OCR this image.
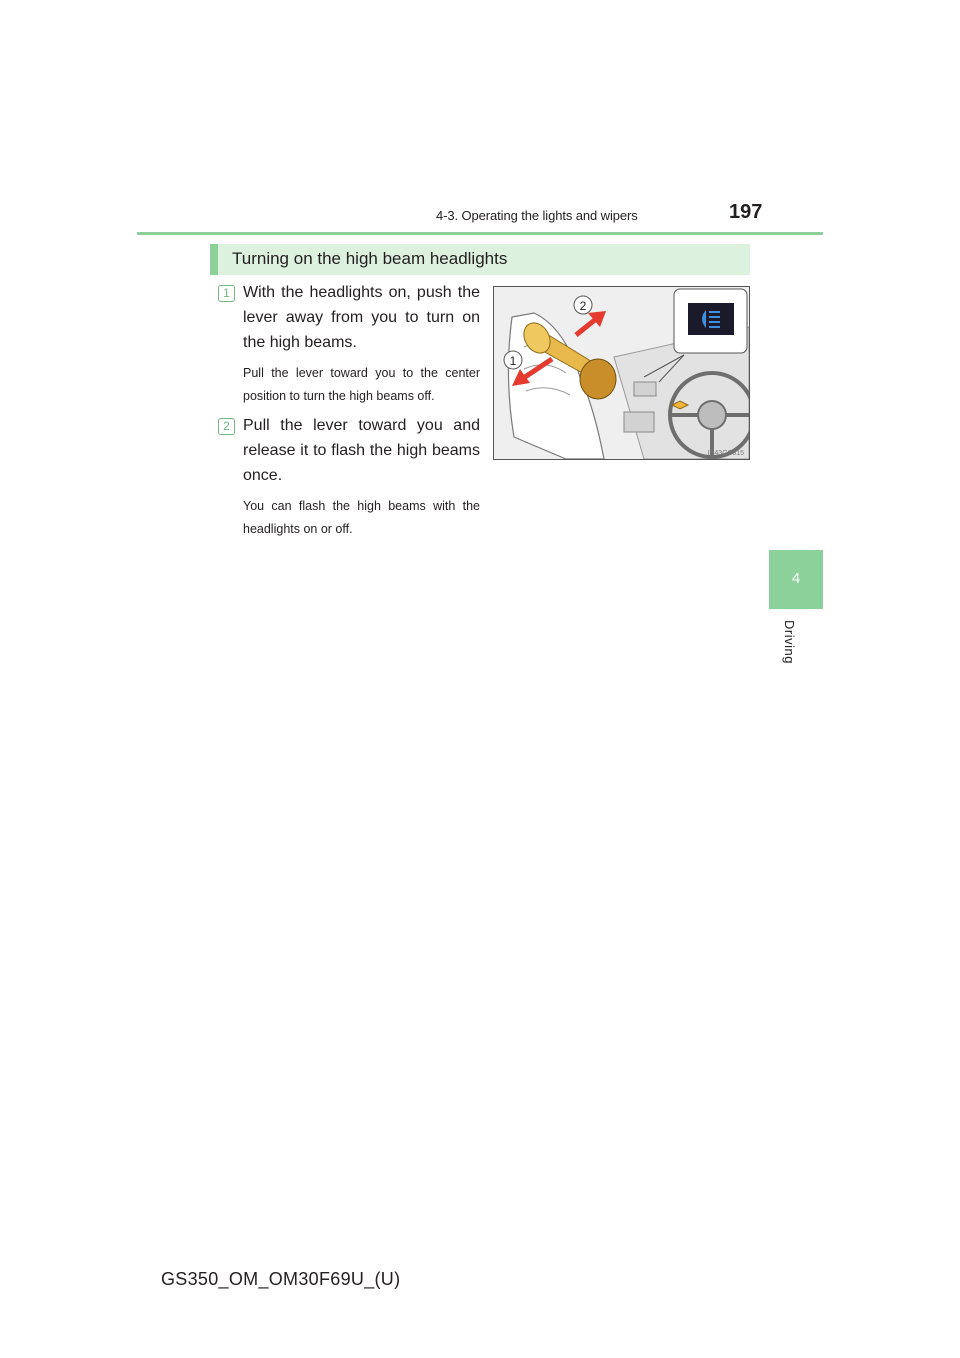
4-3. Operating the lights and wipers	197
4
Driving
Turning on the high beam headlights
1 With the headlights on, push the lever away from you to turn on the high beams.
Pull the lever toward you to the center position to turn the high beams off.
2 Pull the lever toward you and release it to flash the high beams once.
You can flash the high beams with the headlights on or off.
2
1
IN43GS015
GS350_OM_OM30F69U_(U)
